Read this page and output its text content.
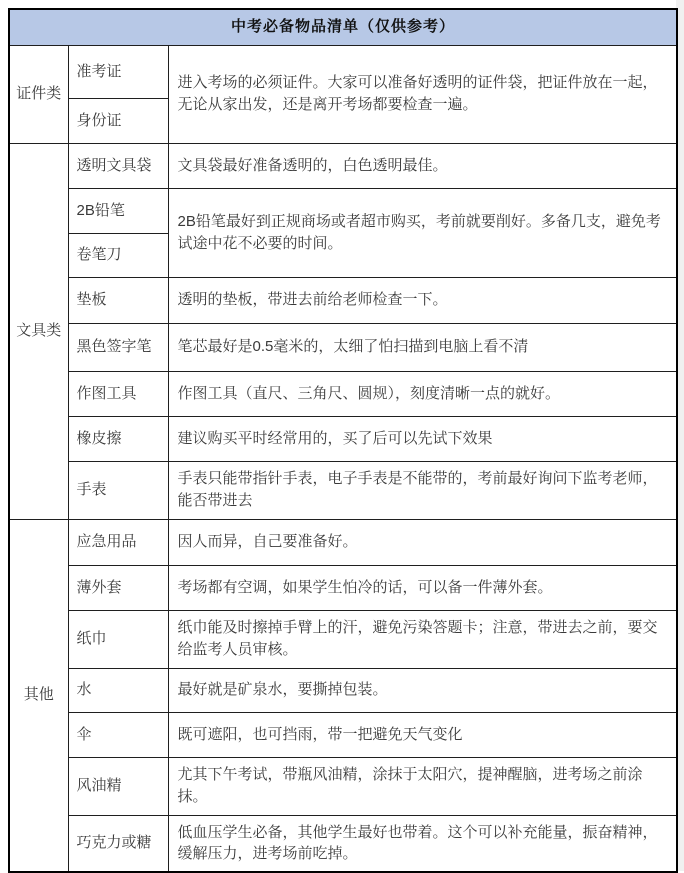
中考必备物品清单（仅供参考）		
证件类	准考证	进入考场的必须证件。大家可以准备好透明的证件袋，把证件放在一起，无论从家出发，还是离开考场都要检查一遍。
	身份证	
文具类	透明文具袋	文具袋最好准备透明的，白色透明最佳。
	2B铅笔	2B铅笔最好到正规商场或者超市购买，考前就要削好。多备几支，避免考试途中花不必要的时间。
	卷笔刀	
	垫板	透明的垫板，带进去前给老师检查一下。
	黑色签字笔	笔芯最好是0.5毫米的，太细了怕扫描到电脑上看不清
	作图工具	作图工具（直尺、三角尺、圆规），刻度清晰一点的就好。
	橡皮擦	建议购买平时经常用的，买了后可以先试下效果
	手表	手表只能带指针手表，电子手表是不能带的，考前最好询问下监考老师，能否带进去
其他	应急用品	因人而异，自己要准备好。
	薄外套	考场都有空调，如果学生怕冷的话，可以备一件薄外套。
	纸巾	纸巾能及时擦掉手臂上的汗，避免污染答题卡；注意，带进去之前，要交给监考人员审核。
	水	最好就是矿泉水，要撕掉包装。
	伞	既可遮阳，也可挡雨，带一把避免天气变化
	风油精	尤其下午考试，带瓶风油精，涂抹于太阳穴，提神醒脑，进考场之前涂抹。
	巧克力或糖	低血压学生必备，其他学生最好也带着。这个可以补充能量，振奋精神，缓解压力，进考场前吃掉。
